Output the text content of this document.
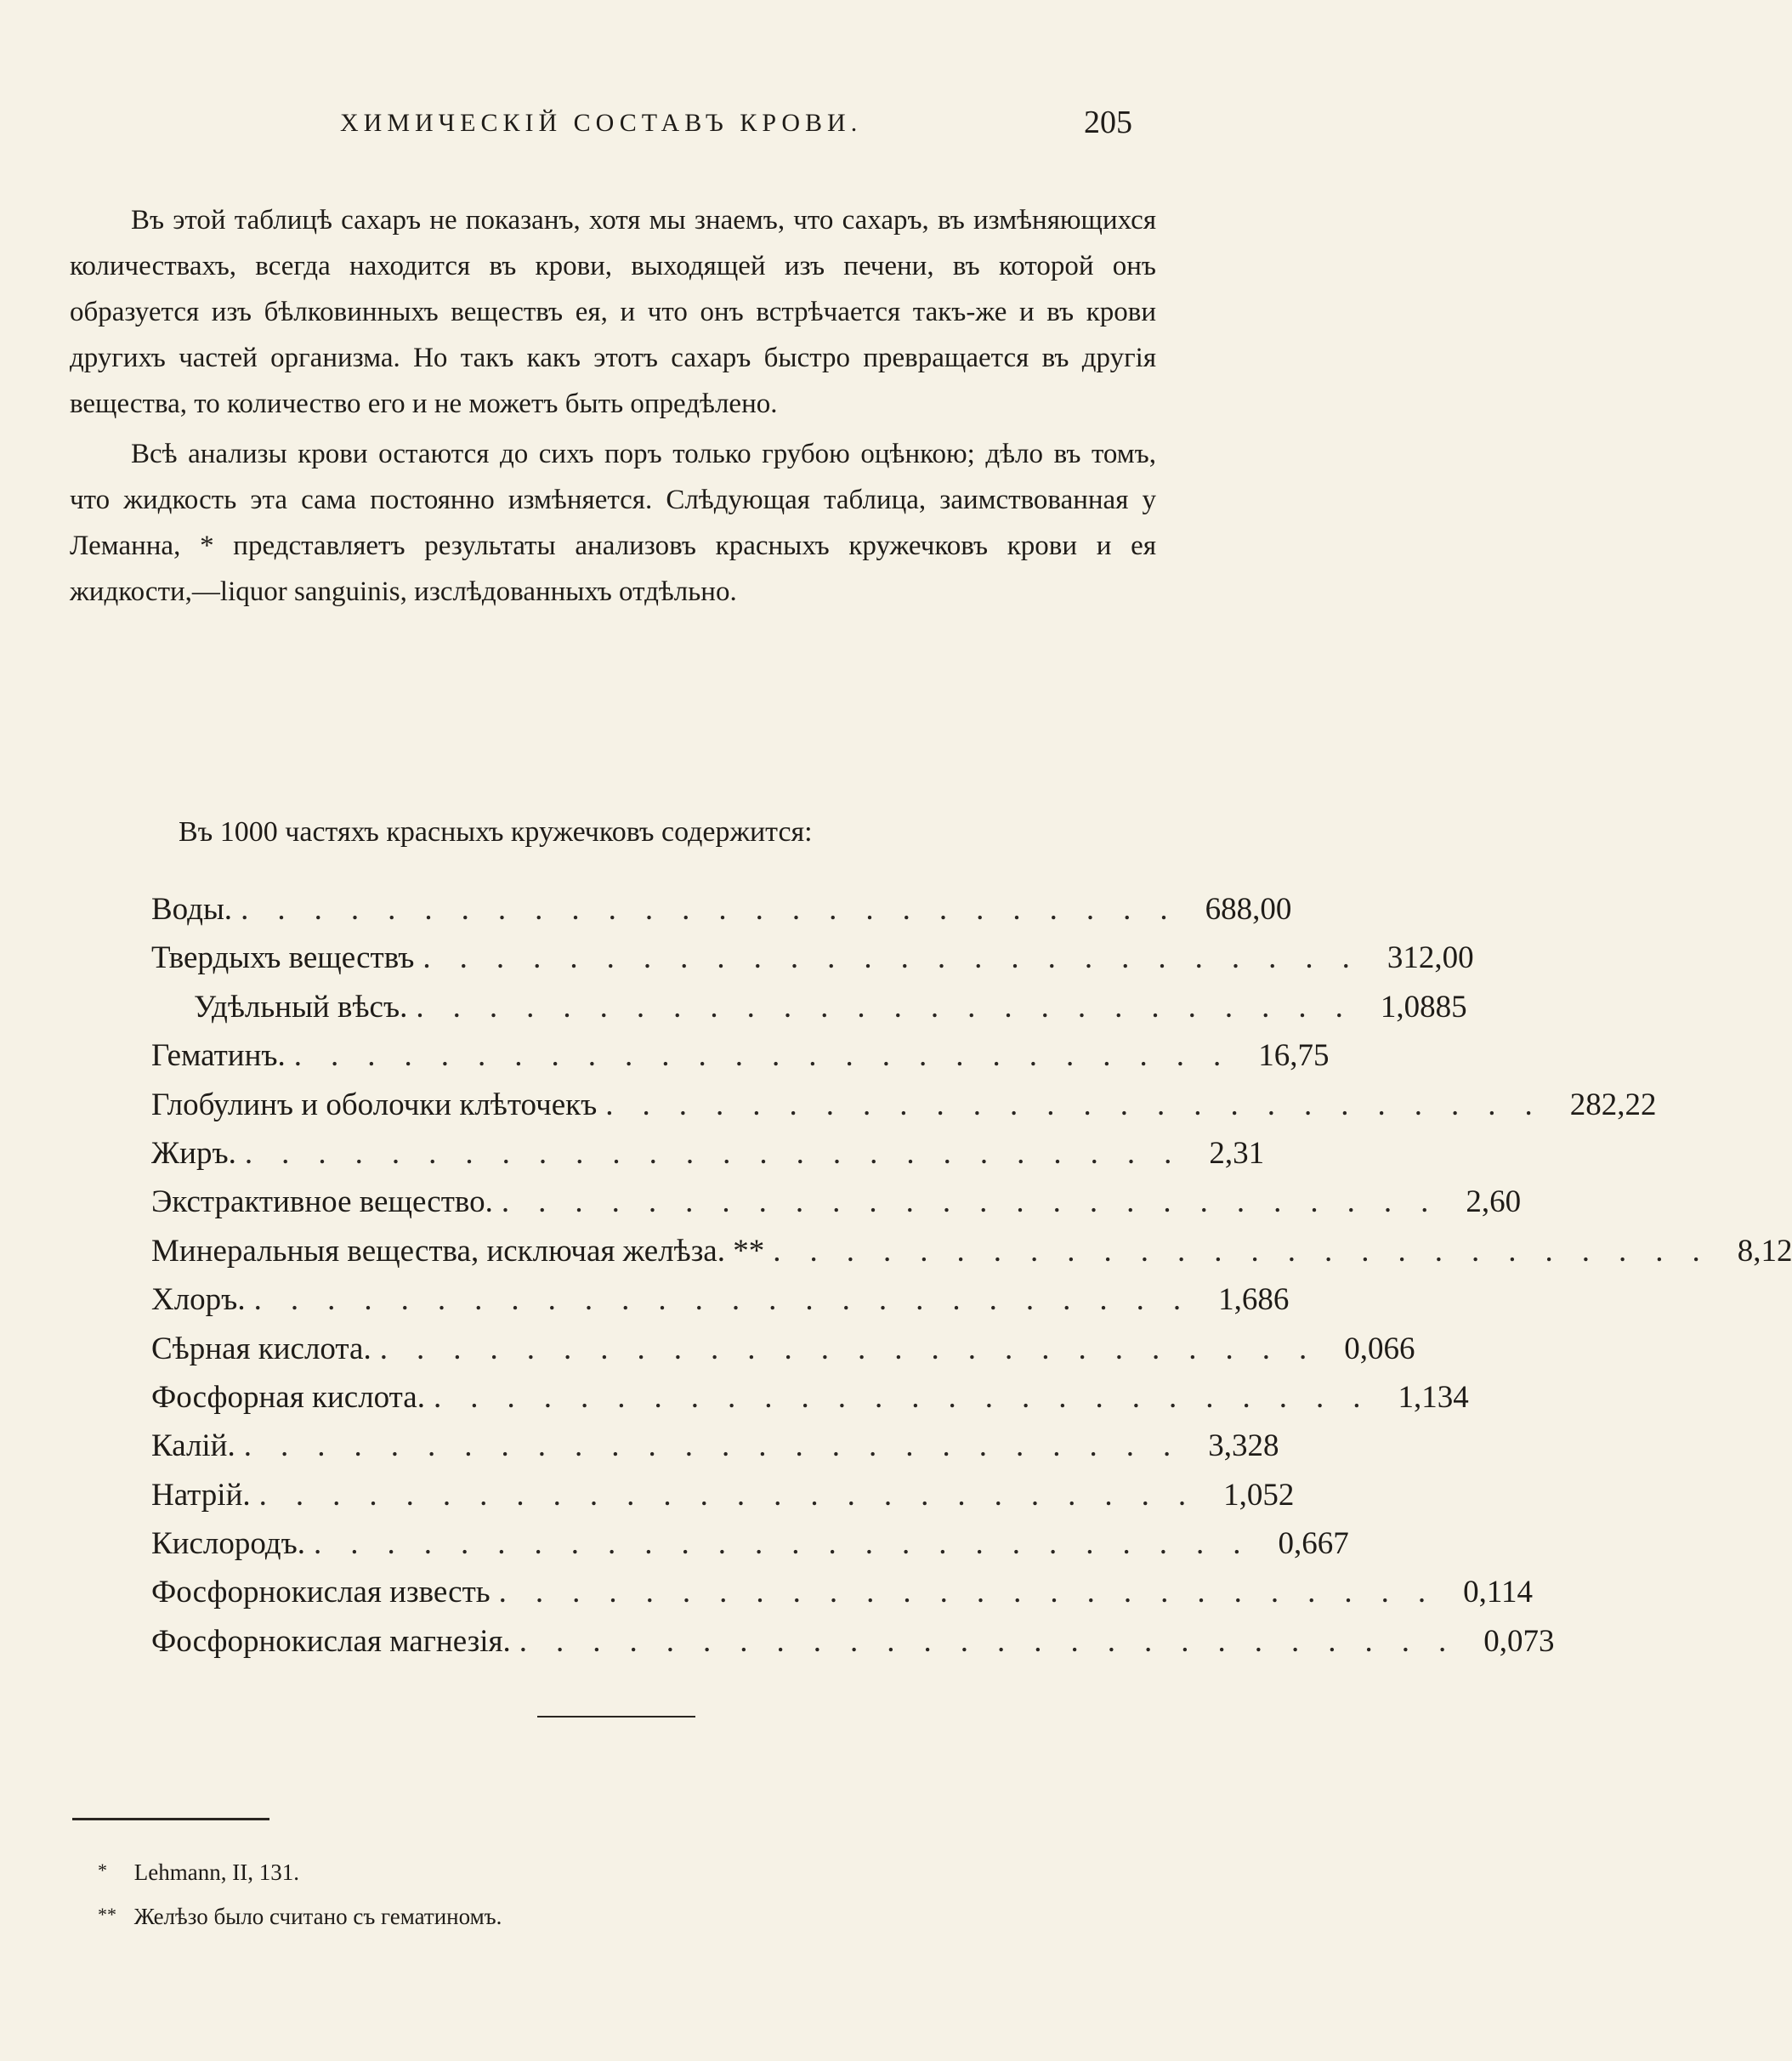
ХИМИЧЕСКІЙ СОСТАВЪ КРОВИ.	205

Въ этой таблицѣ сахаръ не показанъ, хотя мы знаемъ, что сахаръ, въ измѣняющихся количествахъ, всегда находится въ крови, выходящей изъ печени, въ которой онъ образуется изъ бѣлковинныхъ веществъ ея, и что онъ встрѣчается такъ-же и въ крови другихъ частей организма. Но такъ какъ этотъ сахаръ быстро превращается въ другія вещества, то количество его и не можетъ быть опредѣлено.

Всѣ анализы крови остаются до сихъ поръ только грубою оцѣнкою; дѣло въ томъ, что жидкость эта сама постоянно измѣняется. Слѣдующая таблица, заимствованная у Леманна, * представляетъ результаты анализовъ красныхъ кружечковъ крови и ея жидкости,—liquor sanguinis, изслѣдованныхъ отдѣльно.

Въ 1000 частяхъ красныхъ кружечковъ содержится:
Воды. .......................... 688,00
Твердыхъ веществъ .......................... 312,00
Удѣльный вѣсъ. .......................... 1,0885
Гематинъ. .......................... 16,75
Глобулинъ и оболочки клѣточекъ .......................... 282,22
Жиръ. .......................... 2,31
Экстрактивное вещество. .......................... 2,60
Минеральныя вещества, исключая желѣза. ** .......................... 8,12
Хлоръ. .......................... 1,686
Сѣрная кислота. .......................... 0,066
Фосфорная кислота. .......................... 1,134
Калій. .......................... 3,328
Натрій. .......................... 1,052
Кислородъ. .......................... 0,667
Фосфорнокислая известь .......................... 0,114
Фосфорнокислая магнезія. .......................... 0,073
* Lehmann, II, 131.
** Желѣзо было считано съ гематиномъ.
